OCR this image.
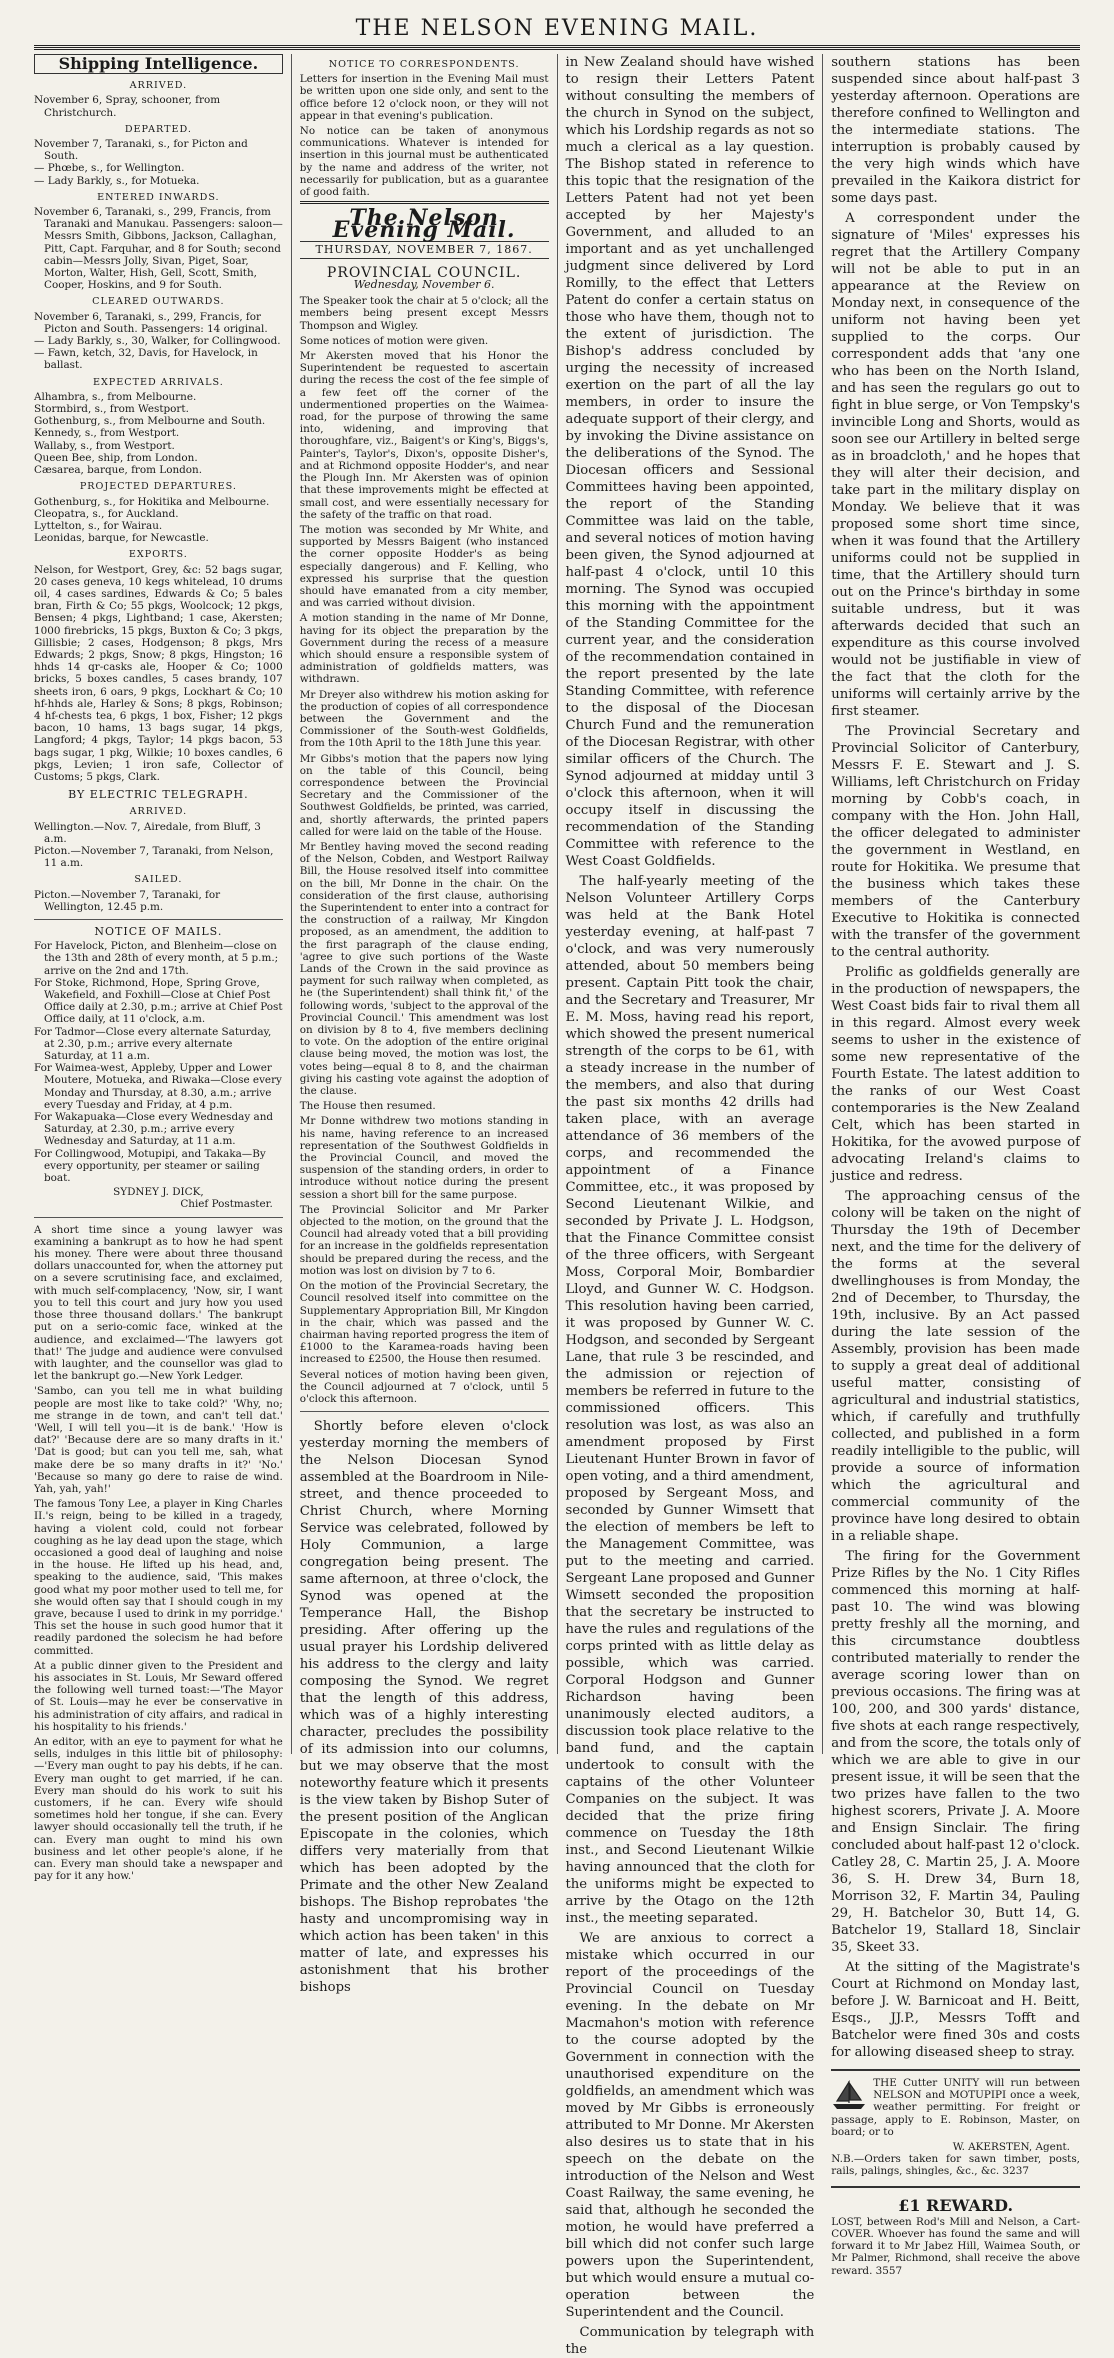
THE NELSON EVENING MAIL.
Shipping Intelligence.
ARRIVED.

November 6, Spray, schooner, from Christchurch.

DEPARTED.

November 7, Taranaki, s., for Picton and South.

— Phœbe, s., for Wellington.

— Lady Barkly, s., for Motueka.

ENTERED INWARDS.

November 6, Taranaki, s., 299, Francis, from Taranaki and Manukau. Passengers: saloon—Messrs Smith, Gibbons, Jackson, Callaghan, Pitt, Capt. Farquhar, and 8 for South; second cabin—Messrs Jolly, Sivan, Piget, Soar, Morton, Walter, Hish, Gell, Scott, Smith, Cooper, Hoskins, and 9 for South.

CLEARED OUTWARDS.

November 6, Taranaki, s., 299, Francis, for Picton and South. Passengers: 14 original.

— Lady Barkly, s., 30, Walker, for Collingwood.

— Fawn, ketch, 32, Davis, for Havelock, in ballast.

EXPECTED ARRIVALS.

Alhambra, s., from Melbourne.

Stormbird, s., from Westport.

Gothenburg, s., from Melbourne and South.

Kennedy, s., from Westport.

Wallaby, s., from Westport.

Queen Bee, ship, from London.

Cæsarea, barque, from London.

PROJECTED DEPARTURES.

Gothenburg, s., for Hokitika and Melbourne.

Cleopatra, s., for Auckland.

Lyttelton, s., for Wairau.

Leonidas, barque, for Newcastle.

EXPORTS.

Nelson, for Westport, Grey, &c: 52 bags sugar, 20 cases geneva, 10 kegs whitelead, 10 drums oil, 4 cases sardines, Edwards & Co; 5 bales bran, Firth & Co; 55 pkgs, Woolcock; 12 pkgs, Bensen; 4 pkgs, Lightband; 1 case, Akersten; 1000 firebricks, 15 pkgs, Buxton & Co; 3 pkgs, Gillisbie; 2 cases, Hodgenson; 8 pkgs, Mrs Edwards; 2 pkgs, Snow; 8 pkgs, Hingston; 16 hhds 14 qr-casks ale, Hooper & Co; 1000 bricks, 5 boxes candles, 5 cases brandy, 107 sheets iron, 6 oars, 9 pkgs, Lockhart & Co; 10 hf-hhds ale, Harley & Sons; 8 pkgs, Robinson; 4 hf-chests tea, 6 pkgs, 1 box, Fisher; 12 pkgs bacon, 10 hams, 13 bags sugar, 14 pkgs, Langford; 4 pkgs, Taylor; 14 pkgs bacon, 53 bags sugar, 1 pkg, Wilkie; 10 boxes candles, 6 pkgs, Levien; 1 iron safe, Collector of Customs; 5 pkgs, Clark.

BY ELECTRIC TELEGRAPH.
ARRIVED.

Wellington.—Nov. 7, Airedale, from Bluff, 3 a.m.

Picton.—November 7, Taranaki, from Nelson, 11 a.m.

SAILED.

Picton.—November 7, Taranaki, for Wellington, 12.45 p.m.

NOTICE OF MAILS.

For Havelock, Picton, and Blenheim—close on the 13th and 28th of every month, at 5 p.m.; arrive on the 2nd and 17th.

For Stoke, Richmond, Hope, Spring Grove, Wakefield, and Foxhill—Close at Chief Post Office daily at 2.30, p.m.; arrive at Chief Post Office daily, at 11 o'clock, a.m.

For Tadmor—Close every alternate Saturday, at 2.30, p.m.; arrive every alternate Saturday, at 11 a.m.

For Waimea-west, Appleby, Upper and Lower Moutere, Motueka, and Riwaka—Close every Monday and Thursday, at 8.30, a.m.; arrive every Tuesday and Friday, at 4 p.m.

For Wakapuaka—Close every Wednesday and Saturday, at 2.30, p.m.; arrive every Wednesday and Saturday, at 11 a.m.

For Collingwood, Motupipi, and Takaka—By every opportunity, per steamer or sailing boat.

SYDNEY J. DICK,
Chief Postmaster.

A short time since a young lawyer was examining a bankrupt as to how he had spent his money. There were about three thousand dollars unaccounted for, when the attorney put on a severe scrutinising face, and exclaimed, with much self-complacency, 'Now, sir, I want you to tell this court and jury how you used those three thousand dollars.' The bankrupt put on a serio-comic face, winked at the audience, and exclaimed—'The lawyers got that!' The judge and audience were convulsed with laughter, and the counsellor was glad to let the bankrupt go.—New York Ledger.

'Sambo, can you tell me in what building people are most like to take cold?' 'Why, no; me strange in de town, and can't tell dat.' 'Well, I will tell you—it is de bank.' 'How is dat?' 'Because dere are so many drafts in it.' 'Dat is good; but can you tell me, sah, what make dere be so many drafts in it?' 'No.' 'Because so many go dere to raise de wind. Yah, yah, yah!'

The famous Tony Lee, a player in King Charles II.'s reign, being to be killed in a tragedy, having a violent cold, could not forbear coughing as he lay dead upon the stage, which occasioned a good deal of laughing and noise in the house. He lifted up his head, and, speaking to the audience, said, 'This makes good what my poor mother used to tell me, for she would often say that I should cough in my grave, because I used to drink in my porridge.' This set the house in such good humor that it readily pardoned the solecism he had before committed.

At a public dinner given to the President and his associates in St. Louis, Mr Seward offered the following well turned toast:—'The Mayor of St. Louis—may he ever be conservative in his administration of city affairs, and radical in his hospitality to his friends.'

An editor, with an eye to payment for what he sells, indulges in this little bit of philosophy:—'Every man ought to pay his debts, if he can. Every man ought to get married, if he can. Every man should do his work to suit his customers, if he can. Every wife should sometimes hold her tongue, if she can. Every lawyer should occasionally tell the truth, if he can. Every man ought to mind his own business and let other people's alone, if he can. Every man should take a newspaper and pay for it any how.'

NOTICE TO CORRESPONDENTS.

Letters for insertion in the Evening Mail must be written upon one side only, and sent to the office before 12 o'clock noon, or they will not appear in that evening's publication.

No notice can be taken of anonymous communications. Whatever is intended for insertion in this journal must be authenticated by the name and address of the writer, not necessarily for publication, but as a guarantee of good faith.

The Nelson Evening Mail.
THURSDAY, NOVEMBER 7, 1867.
PROVINCIAL COUNCIL.
Wednesday, November 6.

The Speaker took the chair at 5 o'clock; all the members being present except Messrs Thompson and Wigley.

Some notices of motion were given.

Mr Akersten moved that his Honor the Superintendent be requested to ascertain during the recess the cost of the fee simple of a few feet off the corner of the undermentioned properties on the Waimea-road, for the purpose of throwing the same into, widening, and improving that thoroughfare, viz., Baigent's or King's, Biggs's, Painter's, Taylor's, Dixon's, opposite Disher's, and at Richmond opposite Hodder's, and near the Plough Inn. Mr Akersten was of opinion that these improvements might be effected at small cost, and were essentially necessary for the safety of the traffic on that road.

The motion was seconded by Mr White, and supported by Messrs Baigent (who instanced the corner opposite Hodder's as being especially dangerous) and F. Kelling, who expressed his surprise that the question should have emanated from a city member, and was carried without division.

A motion standing in the name of Mr Donne, having for its object the preparation by the Government during the recess of a measure which should ensure a responsible system of administration of goldfields matters, was withdrawn.

Mr Dreyer also withdrew his motion asking for the production of copies of all correspondence between the Government and the Commissioner of the South-west Goldfields, from the 10th April to the 18th June this year.

Mr Gibbs's motion that the papers now lying on the table of this Council, being correspondence between the Provincial Secretary and the Commissioner of the Southwest Goldfields, be printed, was carried, and, shortly afterwards, the printed papers called for were laid on the table of the House.

Mr Bentley having moved the second reading of the Nelson, Cobden, and Westport Railway Bill, the House resolved itself into committee on the bill, Mr Donne in the chair. On the consideration of the first clause, authorising the Superintendent to enter into a contract for the construction of a railway, Mr Kingdon proposed, as an amendment, the addition to the first paragraph of the clause ending, 'agree to give such portions of the Waste Lands of the Crown in the said province as payment for such railway when completed, as he (the Superintendent) shall think fit,' of the following words, 'subject to the approval of the Provincial Council.' This amendment was lost on division by 8 to 4, five members declining to vote. On the adoption of the entire original clause being moved, the motion was lost, the votes being—equal 8 to 8, and the chairman giving his casting vote against the adoption of the clause.

The House then resumed.

Mr Donne withdrew two motions standing in his name, having reference to an increased representation of the Southwest Goldfields in the Provincial Council, and moved the suspension of the standing orders, in order to introduce without notice during the present session a short bill for the same purpose.

The Provincial Solicitor and Mr Parker objected to the motion, on the ground that the Council had already voted that a bill providing for an increase in the goldfields representation should be prepared during the recess, and the motion was lost on division by 7 to 6.

On the motion of the Provincial Secretary, the Council resolved itself into committee on the Supplementary Appropriation Bill, Mr Kingdon in the chair, which was passed and the chairman having reported progress the item of £1000 to the Karamea-roads having been increased to £2500, the House then resumed.

Several notices of motion having been given, the Council adjourned at 7 o'clock, until 5 o'clock this afternoon.

Shortly before eleven o'clock yesterday morning the members of the Nelson Diocesan Synod assembled at the Boardroom in Nile-street, and thence proceeded to Christ Church, where Morning Service was celebrated, followed by Holy Communion, a large congregation being present. The same afternoon, at three o'clock, the Synod was opened at the Temperance Hall, the Bishop presiding. After offering up the usual prayer his Lordship delivered his address to the clergy and laity composing the Synod. We regret that the length of this address, which was of a highly interesting character, precludes the possibility of its admission into our columns, but we may observe that the most noteworthy feature which it presents is the view taken by Bishop Suter of the present position of the Anglican Episcopate in the colonies, which differs very materially from that which has been adopted by the Primate and the other New Zealand bishops. The Bishop reprobates 'the hasty and uncompromising way in which action has been taken' in this matter of late, and expresses his astonishment that his brother bishops

in New Zealand should have wished to resign their Letters Patent without consulting the members of the church in Synod on the subject, which his Lordship regards as not so much a clerical as a lay question. The Bishop stated in reference to this topic that the resignation of the Letters Patent had not yet been accepted by her Majesty's Government, and alluded to an important and as yet unchallenged judgment since delivered by Lord Romilly, to the effect that Letters Patent do confer a certain status on those who have them, though not to the extent of jurisdiction. The Bishop's address concluded by urging the necessity of increased exertion on the part of all the lay members, in order to insure the adequate support of their clergy, and by invoking the Divine assistance on the deliberations of the Synod. The Diocesan officers and Sessional Committees having been appointed, the report of the Standing Committee was laid on the table, and several notices of motion having been given, the Synod adjourned at half-past 4 o'clock, until 10 this morning. The Synod was occupied this morning with the appointment of the Standing Committee for the current year, and the consideration of the recommendation contained in the report presented by the late Standing Committee, with reference to the disposal of the Diocesan Church Fund and the remuneration of the Diocesan Registrar, with other similar officers of the Church. The Synod adjourned at midday until 3 o'clock this afternoon, when it will occupy itself in discussing the recommendation of the Standing Committee with reference to the West Coast Goldfields.

The half-yearly meeting of the Nelson Volunteer Artillery Corps was held at the Bank Hotel yesterday evening, at half-past 7 o'clock, and was very numerously attended, about 50 members being present. Captain Pitt took the chair, and the Secretary and Treasurer, Mr E. M. Moss, having read his report, which showed the present numerical strength of the corps to be 61, with a steady increase in the number of the members, and also that during the past six months 42 drills had taken place, with an average attendance of 36 members of the corps, and recommended the appointment of a Finance Committee, etc., it was proposed by Second Lieutenant Wilkie, and seconded by Private J. L. Hodgson, that the Finance Committee consist of the three officers, with Sergeant Moss, Corporal Moir, Bombardier Lloyd, and Gunner W. C. Hodgson. This resolution having been carried, it was proposed by Gunner W. C. Hodgson, and seconded by Sergeant Lane, that rule 3 be rescinded, and the admission or rejection of members be referred in future to the commissioned officers. This resolution was lost, as was also an amendment proposed by First Lieutenant Hunter Brown in favor of open voting, and a third amendment, proposed by Sergeant Moss, and seconded by Gunner Wimsett that the election of members be left to the Management Committee, was put to the meeting and carried. Sergeant Lane proposed and Gunner Wimsett seconded the proposition that the secretary be instructed to have the rules and regulations of the corps printed with as little delay as possible, which was carried. Corporal Hodgson and Gunner Richardson having been unanimously elected auditors, a discussion took place relative to the band fund, and the captain undertook to consult with the captains of the other Volunteer Companies on the subject. It was decided that the prize firing commence on Tuesday the 18th inst., and Second Lieutenant Wilkie having announced that the cloth for the uniforms might be expected to arrive by the Otago on the 12th inst., the meeting separated.

We are anxious to correct a mistake which occurred in our report of the proceedings of the Provincial Council on Tuesday evening. In the debate on Mr Macmahon's motion with reference to the course adopted by the Government in connection with the unauthorised expenditure on the goldfields, an amendment which was moved by Mr Gibbs is erroneously attributed to Mr Donne. Mr Akersten also desires us to state that in his speech on the debate on the introduction of the Nelson and West Coast Railway, the same evening, he said that, although he seconded the motion, he would have preferred a bill which did not confer such large powers upon the Superintendent, but which would ensure a mutual co-operation between the Superintendent and the Council.

Communication by telegraph with the

southern stations has been suspended since about half-past 3 yesterday afternoon. Operations are therefore confined to Wellington and the intermediate stations. The interruption is probably caused by the very high winds which have prevailed in the Kaikora district for some days past.

A correspondent under the signature of 'Miles' expresses his regret that the Artillery Company will not be able to put in an appearance at the Review on Monday next, in consequence of the uniform not having been yet supplied to the corps. Our correspondent adds that 'any one who has been on the North Island, and has seen the regulars go out to fight in blue serge, or Von Tempsky's invincible Long and Shorts, would as soon see our Artillery in belted serge as in broadcloth,' and he hopes that they will alter their decision, and take part in the military display on Monday. We believe that it was proposed some short time since, when it was found that the Artillery uniforms could not be supplied in time, that the Artillery should turn out on the Prince's birthday in some suitable undress, but it was afterwards decided that such an expenditure as this course involved would not be justifiable in view of the fact that the cloth for the uniforms will certainly arrive by the first steamer.

The Provincial Secretary and Provincial Solicitor of Canterbury, Messrs F. E. Stewart and J. S. Williams, left Christchurch on Friday morning by Cobb's coach, in company with the Hon. John Hall, the officer delegated to administer the government in Westland, en route for Hokitika. We presume that the business which takes these members of the Canterbury Executive to Hokitika is connected with the transfer of the government to the central authority.

Prolific as goldfields generally are in the production of newspapers, the West Coast bids fair to rival them all in this regard. Almost every week seems to usher in the existence of some new representative of the Fourth Estate. The latest addition to the ranks of our West Coast contemporaries is the New Zealand Celt, which has been started in Hokitika, for the avowed purpose of advocating Ireland's claims to justice and redress.

The approaching census of the colony will be taken on the night of Thursday the 19th of December next, and the time for the delivery of the forms at the several dwellinghouses is from Monday, the 2nd of December, to Thursday, the 19th, inclusive. By an Act passed during the late session of the Assembly, provision has been made to supply a great deal of additional useful matter, consisting of agricultural and industrial statistics, which, if carefully and truthfully collected, and published in a form readily intelligible to the public, will provide a source of information which the agricultural and commercial community of the province have long desired to obtain in a reliable shape.

The firing for the Government Prize Rifles by the No. 1 City Rifles commenced this morning at half-past 10. The wind was blowing pretty freshly all the morning, and this circumstance doubtless contributed materially to render the average scoring lower than on previous occasions. The firing was at 100, 200, and 300 yards' distance, five shots at each range respectively, and from the score, the totals only of which we are able to give in our present issue, it will be seen that the two prizes have fallen to the two highest scorers, Private J. A. Moore and Ensign Sinclair. The firing concluded about half-past 12 o'clock. Catley 28, C. Martin 25, J. A. Moore 36, S. H. Drew 34, Burn 18, Morrison 32, F. Martin 34, Pauling 29, H. Batchelor 30, Butt 14, G. Batchelor 19, Stallard 18, Sinclair 35, Skeet 33.

At the sitting of the Magistrate's Court at Richmond on Monday last, before J. W. Barnicoat and H. Beitt, Esqs., JJ.P., Messrs Tofft and Batchelor were fined 30s and costs for allowing diseased sheep to stray.

THE Cutter UNITY will run between NELSON and MOTUPIPI once a week, weather permitting. For freight or passage, apply to E. Robinson, Master, on board; or to

W. AKERSTEN, Agent.

N.B.—Orders taken for sawn timber, posts, rails, palings, shingles, &c., &c. 3237

£1 REWARD.

LOST, between Rod's Mill and Nelson, a Cart-COVER. Whoever has found the same and will forward it to Mr Jabez Hill, Waimea South, or Mr Palmer, Richmond, shall receive the above reward. 3557
